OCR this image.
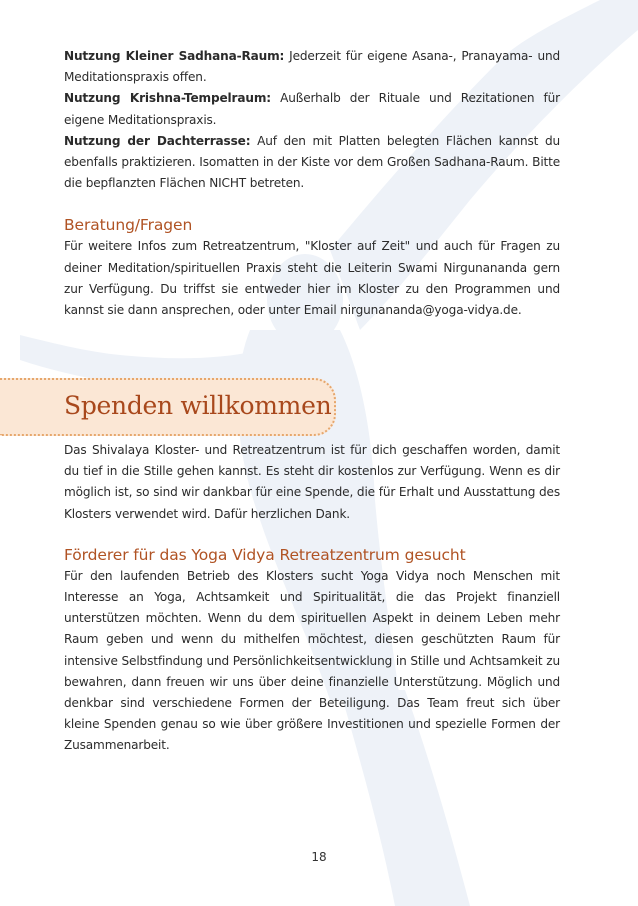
Spenden willkommen

Nutzung Kleiner Sadhana-Raum: Jederzeit für eigene Asana-, Pranayama- und Meditationspraxis offen.

Nutzung Krishna-Tempelraum: Außerhalb der Rituale und Rezitationen für eigene Meditationspraxis.

Nutzung der Dachterrasse: Auf den mit Platten belegten Flächen kannst du ebenfalls praktizieren. Isomatten in der Kiste vor dem Großen Sadhana-Raum. Bitte die bepflanzten Flächen NICHT betreten.

Beratung/Fragen

Für weitere Infos zum Retreatzentrum, "Kloster auf Zeit" und auch für Fragen zu deiner Meditation/spirituellen Praxis steht die Leiterin Swami Nirgunananda gern zur Verfügung. Du triffst sie entweder hier im Kloster zu den Programmen und kannst sie dann ansprechen, oder unter Email nirgunananda@yoga-vidya.de.

Das Shivalaya Kloster- und Retreatzentrum ist für dich geschaffen worden, damit du tief in die Stille gehen kannst. Es steht dir kostenlos zur Verfügung. Wenn es dir möglich ist, so sind wir dankbar für eine Spende, die für Erhalt und Ausstattung des Klosters verwendet wird. Dafür herzlichen Dank.

Förderer für das Yoga Vidya Retreatzentrum gesucht

Für den laufenden Betrieb des Klosters sucht Yoga Vidya noch Menschen mit Interesse an Yoga, Achtsamkeit und Spiritualität, die das Projekt finanziell unterstützen möchten. Wenn du dem spirituellen Aspekt in deinem Leben mehr Raum geben und wenn du mithelfen möchtest, diesen geschützten Raum für intensive Selbstfindung und Persönlichkeitsentwicklung in Stille und Achtsamkeit zu bewahren, dann freuen wir uns über deine finanzielle Unterstützung. Möglich und denkbar sind verschiedene Formen der Beteiligung. Das Team freut sich über kleine Spenden genau so wie über größere Investitionen und spezielle Formen der Zusammenarbeit.

18
